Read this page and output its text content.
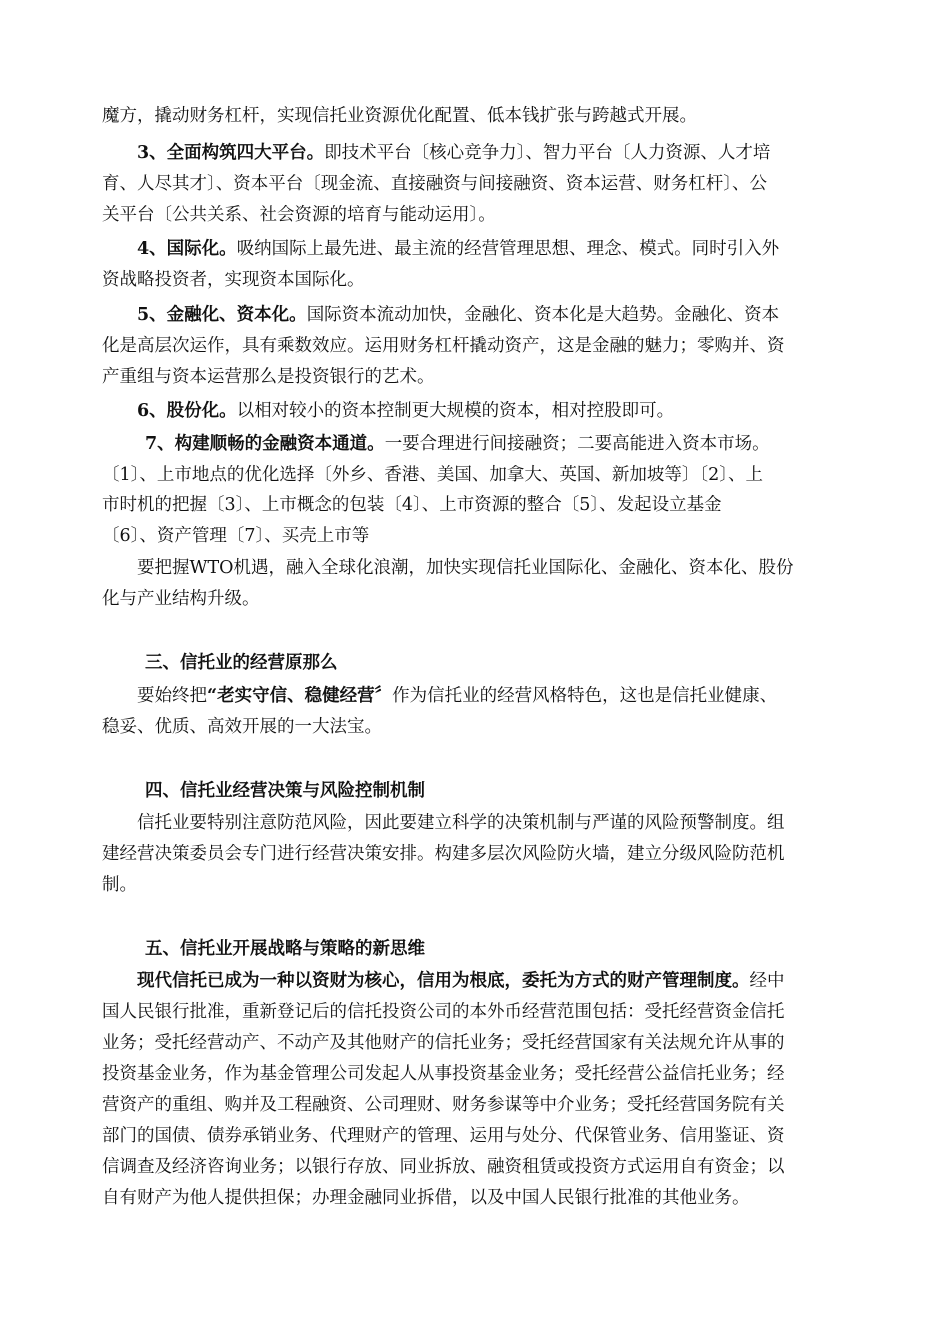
魔方，撬动财务杠杆，实现信托业资源优化配置、低本钱扩张与跨越式开展。
3、全面构筑四大平台。即技术平台〔核心竞争力〕、智力平台〔人力资源、人才培
育、人尽其才〕、资本平台〔现金流、直接融资与间接融资、资本运营、财务杠杆〕、公
关平台〔公共关系、社会资源的培育与能动运用〕。
4、国际化。吸纳国际上最先进、最主流的经营管理思想、理念、模式。同时引入外
资战略投资者，实现资本国际化。
5、金融化、资本化。国际资本流动加快，金融化、资本化是大趋势。金融化、资本
化是高层次运作，具有乘数效应。运用财务杠杆撬动资产，这是金融的魅力；零购并、资
产重组与资本运营那么是投资银行的艺术。
6、股份化。以相对较小的资本控制更大规模的资本，相对控股即可。
7、构建顺畅的金融资本通道。一要合理进行间接融资；二要高能进入资本市场。
〔1〕、上市地点的优化选择〔外乡、香港、美国、加拿大、英国、新加坡等〕〔2〕、上
市时机的把握〔3〕、上市概念的包装〔4〕、上市资源的整合〔5〕、发起设立基金
〔6〕、资产管理〔7〕、买壳上市等
要把握WTO机遇，融入全球化浪潮，加快实现信托业国际化、金融化、资本化、股份
化与产业结构升级。
三、信托业的经营原那么
要始终把“老实守信、稳健经营〞作为信托业的经营风格特色，这也是信托业健康、
稳妥、优质、高效开展的一大法宝。
四、信托业经营决策与风险控制机制
信托业要特别注意防范风险，因此要建立科学的决策机制与严谨的风险预警制度。组
建经营决策委员会专门进行经营决策安排。构建多层次风险防火墙，建立分级风险防范机
制。
五、信托业开展战略与策略的新思维
现代信托已成为一种以资财为核心，信用为根底，委托为方式的财产管理制度。经中
国人民银行批准，重新登记后的信托投资公司的本外币经营范围包括：受托经营资金信托
业务；受托经营动产、不动产及其他财产的信托业务；受托经营国家有关法规允许从事的
投资基金业务，作为基金管理公司发起人从事投资基金业务；受托经营公益信托业务；经
营资产的重组、购并及工程融资、公司理财、财务参谋等中介业务；受托经营国务院有关
部门的国债、债券承销业务、代理财产的管理、运用与处分、代保管业务、信用鉴证、资
信调查及经济咨询业务；以银行存放、同业拆放、融资租赁或投资方式运用自有资金；以
自有财产为他人提供担保；办理金融同业拆借，以及中国人民银行批准的其他业务。
